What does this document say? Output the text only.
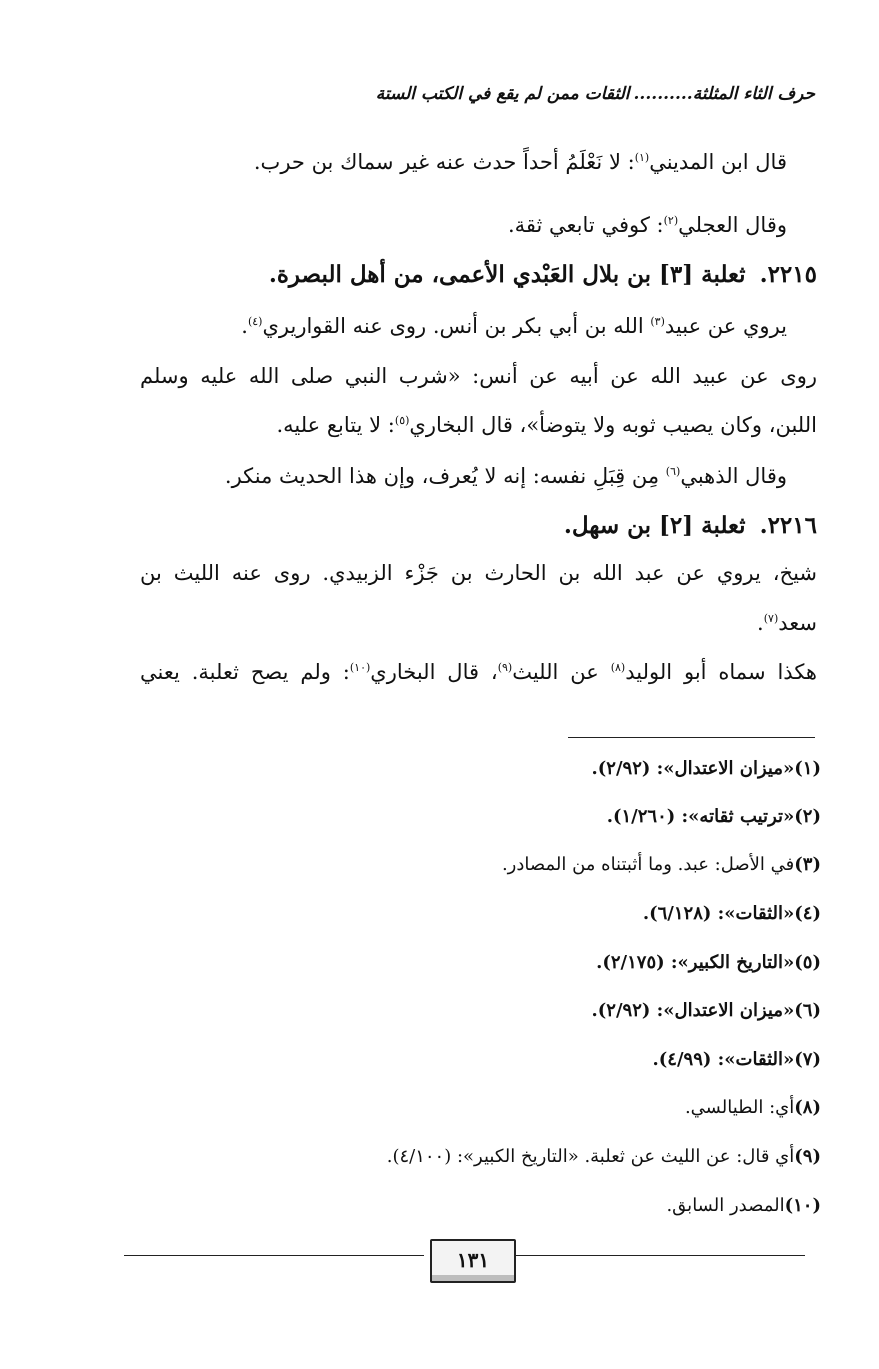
حرف الثاء المثلثة..........الثقات ممن لم يقع في الكتب الستة
قال ابن المديني$^{(١)}$: لا نَعْلَمُ أحداً حدث عنه غير سماك بن حرب.
وقال العجلي$^{(٢)}$: كوفي تابعي ثقة.
٢٢١٥.ثعلبة [٣] بن بلال العَبْدي الأعمى، من أهل البصرة.
يروي عن عبيد$^{(٣)}$ الله بن أبي بكر بن أنس. روى عنه القواريري$^{(٤)}$.
روى عن عبيد الله عن أبيه عن أنس: «شرب النبي صلى الله عليه وسلم
اللبن، وكان يصيب ثوبه ولا يتوضأ»، قال البخاري$^{(٥)}$: لا يتابع عليه.
وقال الذهبي$^{(٦)}$ مِن قِبَلِ نفسه: إنه لا يُعرف، وإن هذا الحديث منكر.
٢٢١٦.ثعلبة [٢] بن سهل.
شيخ، يروي عن عبد الله بن الحارث بن جَزْء الزبيدي. روى عنه الليث بن
سعد$^{(٧)}$.
هكذا سماه أبو الوليد$^{(٨)}$ عن الليث$^{(٩)}$، قال البخاري$^{(١٠)}$: ولم يصح ثعلبة. يعني
(١)«ميزان الاعتدال»: (٢/٩٢).
(٢)«ترتيب ثقاته»: (١/٢٦٠).
(٣)في الأصل: عبد. وما أثبتناه من المصادر.
(٤)«الثقات»: (٦/١٢٨).
(٥)«التاريخ الكبير»: (٢/١٧٥).
(٦)«ميزان الاعتدال»: (٢/٩٢).
(٧)«الثقات»: (٤/٩٩).
(٨)أي: الطيالسي.
(٩)أي قال: عن الليث عن ثعلبة. «التاريخ الكبير»: (٤/١٠٠).
(١٠)المصدر السابق.
١٣١
